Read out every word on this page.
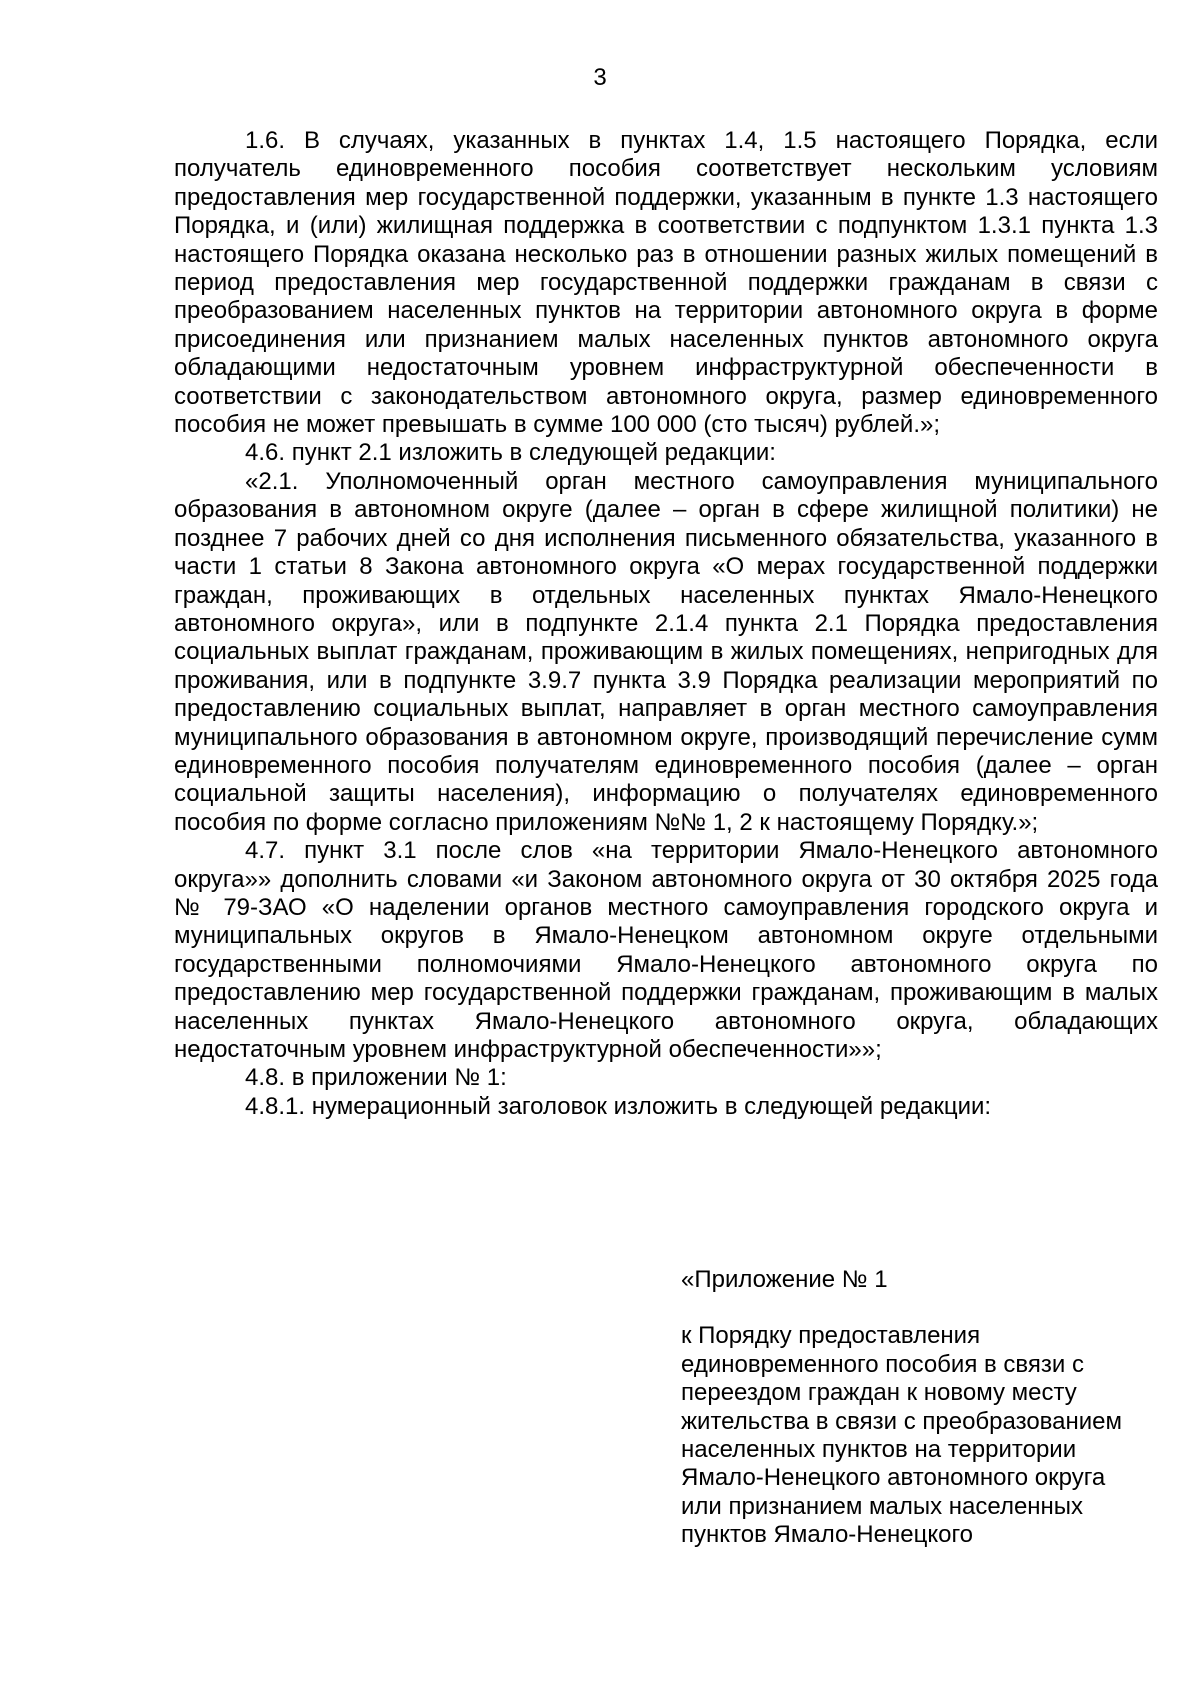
3

1.6. В случаях, указанных в пунктах 1.4, 1.5 настоящего Порядка, если получатель единовременного пособия соответствует нескольким условиям предоставления мер государственной поддержки, указанным в пункте 1.3 настоящего Порядка, и (или) жилищная поддержка в соответствии с подпунктом 1.3.1 пункта 1.3 настоящего Порядка оказана несколько раз в отношении разных жилых помещений в период предоставления мер государственной поддержки гражданам в связи с преобразованием населенных пунктов на территории автономного округа в форме присоединения или признанием малых населенных пунктов автономного округа обладающими недостаточным уровнем инфраструктурной обеспеченности в соответствии с законодательством автономного округа, размер единовременного пособия не может превышать в сумме 100 000 (сто тысяч) рублей.»;

4.6. пункт 2.1 изложить в следующей редакции:

«2.1. Уполномоченный орган местного самоуправления муниципального образования в автономном округе (далее – орган в сфере жилищной политики) не позднее 7 рабочих дней со дня исполнения письменного обязательства, указанного в части 1 статьи 8 Закона автономного округа «О мерах государственной поддержки граждан, проживающих в отдельных населенных пунктах Ямало-Ненецкого автономного округа», или в подпункте 2.1.4 пункта 2.1 Порядка предоставления социальных выплат гражданам, проживающим в жилых помещениях, непригодных для проживания, или в подпункте 3.9.7 пункта 3.9 Порядка реализации мероприятий по предоставлению социальных выплат, направляет в орган местного самоуправления муниципального образования в автономном округе, производящий перечисление сумм единовременного пособия получателям единовременного пособия (далее – орган социальной защиты населения), информацию о получателях единовременного пособия по форме согласно приложениям №№ 1, 2 к настоящему Порядку.»;

4.7. пункт 3.1 после слов «на территории Ямало-Ненецкого автономного округа»» дополнить словами «и Законом автономного округа от 30 октября 2025 года № 79-ЗАО «О наделении органов местного самоуправления городского округа и муниципальных округов в Ямало-Ненецком автономном округе отдельными государственными полномочиями Ямало-Ненецкого автономного округа по предоставлению мер государственной поддержки гражданам, проживающим в малых населенных пунктах Ямало-Ненецкого автономного округа, обладающих недостаточным уровнем инфраструктурной обеспеченности»»;

4.8. в приложении № 1:

4.8.1. нумерационный заголовок изложить в следующей редакции:

«Приложение № 1

к Порядку предоставления единовременного пособия в связи с переездом граждан к новому месту жительства в связи с преобразованием населенных пунктов на территории Ямало-Ненецкого автономного округа или признанием малых населенных пунктов Ямало-Ненецкого
